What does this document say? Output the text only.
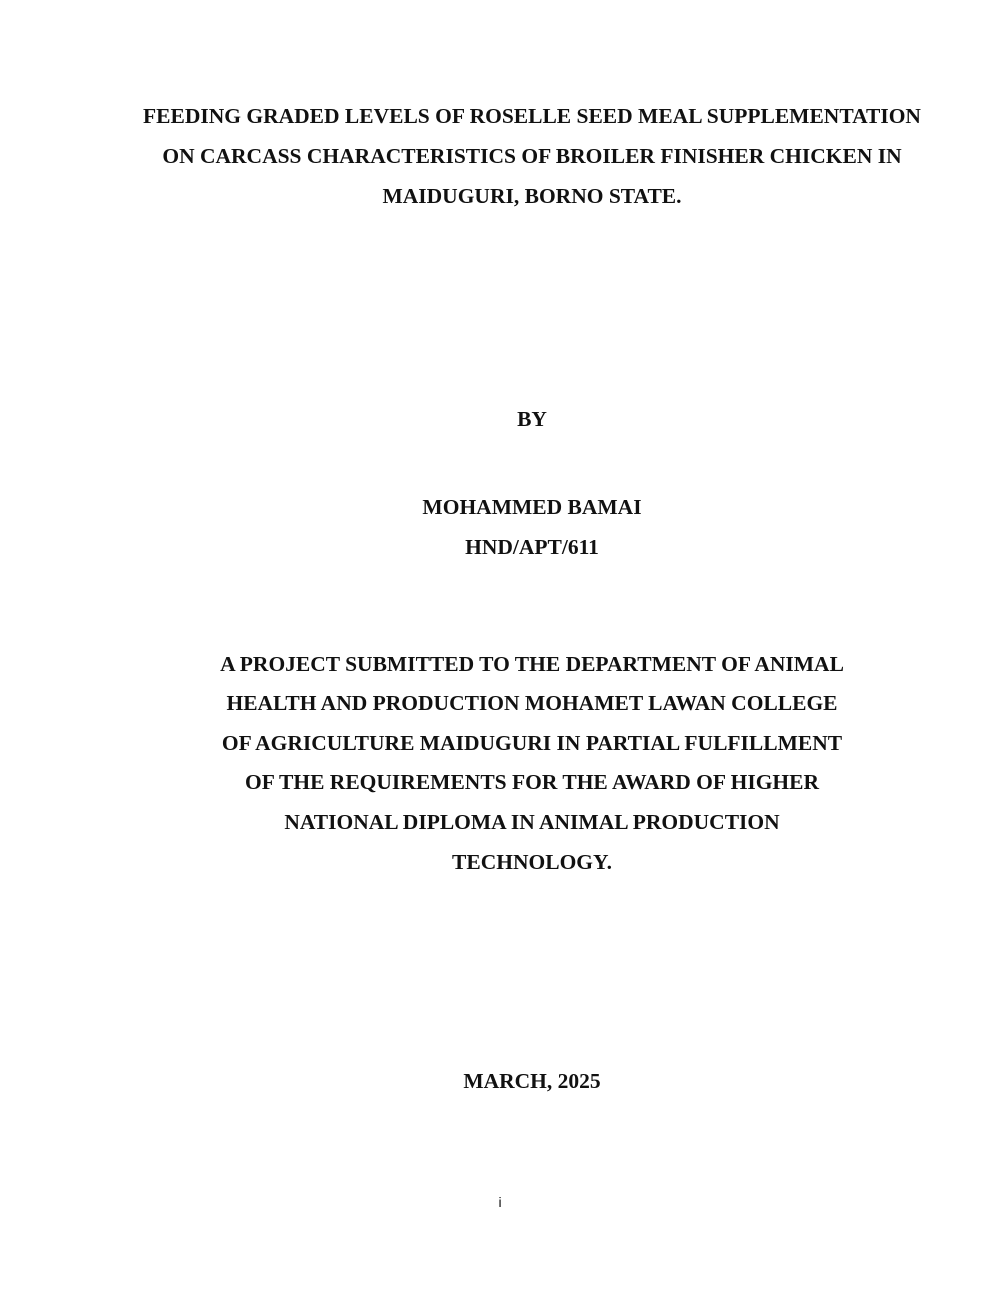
FEEDING GRADED LEVELS OF ROSELLE SEED MEAL SUPPLEMENTATION
ON CARCASS CHARACTERISTICS OF BROILER FINISHER CHICKEN IN
MAIDUGURI, BORNO STATE.
BY
MOHAMMED BAMAI
HND/APT/611
A PROJECT SUBMITTED TO THE DEPARTMENT OF ANIMAL
HEALTH AND PRODUCTION MOHAMET LAWAN COLLEGE
OF AGRICULTURE MAIDUGURI IN PARTIAL FULFILLMENT
OF THE REQUIREMENTS FOR THE AWARD OF HIGHER
NATIONAL DIPLOMA IN ANIMAL PRODUCTION
TECHNOLOGY.
MARCH, 2025
i
